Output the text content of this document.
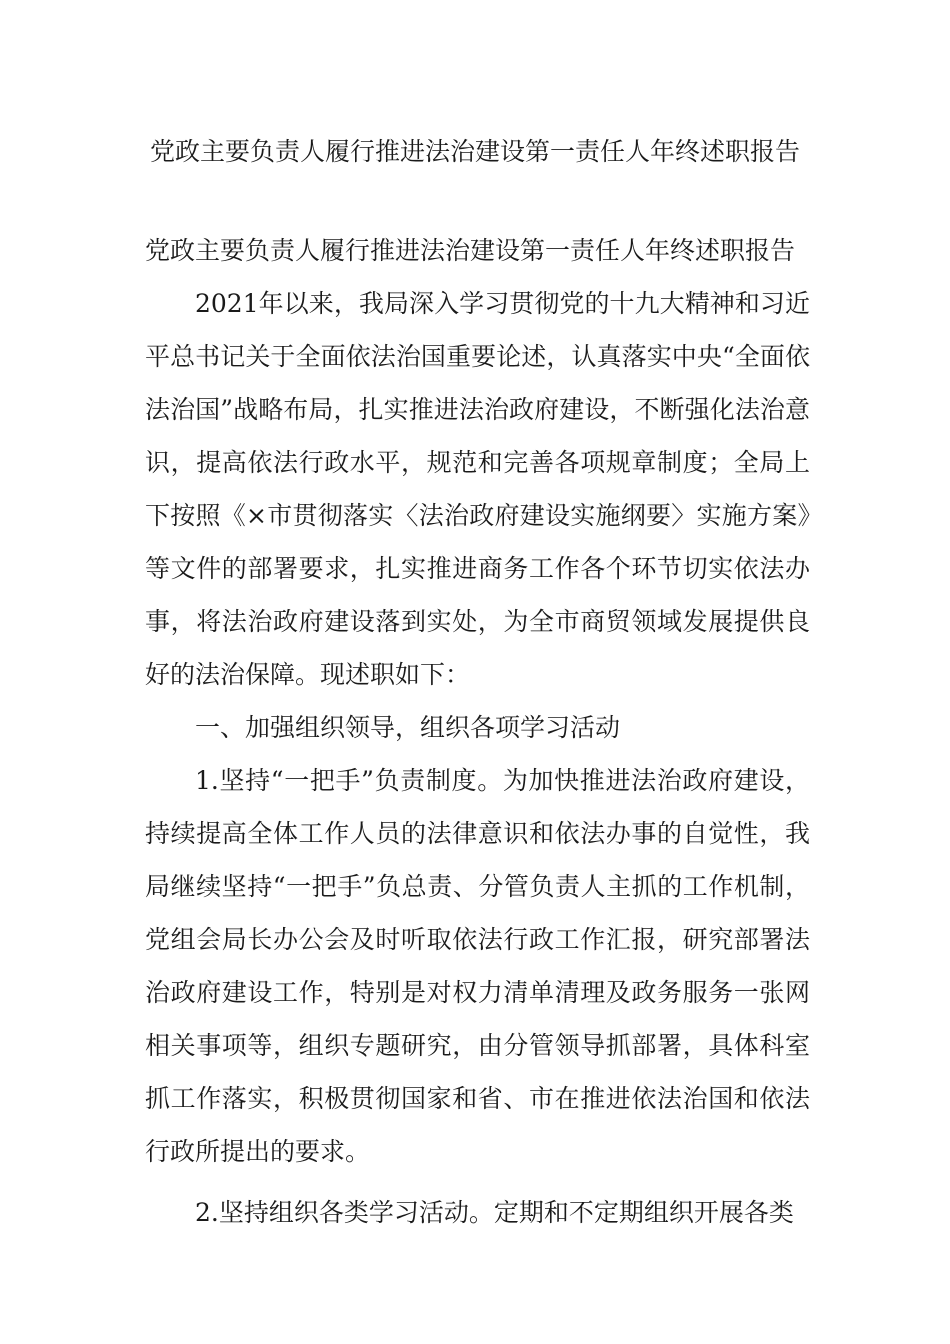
党政主要负责人履行推进法治建设第一责任人年终述职报告

党政主要负责人履行推进法治建设第一责任人年终述职报告

2021年以来，我局深入学习贯彻党的十九大精神和习近平总书记关于全面依法治国重要论述，认真落实中央“全面依法治国”战略布局，扎实推进法治政府建设，不断强化法治意识，提高依法行政水平，规范和完善各项规章制度；全局上下按照《×市贯彻落实〈法治政府建设实施纲要〉实施方案》等文件的部署要求，扎实推进商务工作各个环节切实依法办事，将法治政府建设落到实处，为全市商贸领域发展提供良好的法治保障。现述职如下：

一、加强组织领导，组织各项学习活动

1.坚持“一把手”负责制度。为加快推进法治政府建设，持续提高全体工作人员的法律意识和依法办事的自觉性，我局继续坚持“一把手”负总责、分管负责人主抓的工作机制，党组会局长办公会及时听取依法行政工作汇报，研究部署法治政府建设工作，特别是对权力清单清理及政务服务一张网相关事项等，组织专题研究，由分管领导抓部署，具体科室抓工作落实，积极贯彻国家和省、市在推进依法治国和依法行政所提出的要求。

2.坚持组织各类学习活动。定期和不定期组织开展各类
